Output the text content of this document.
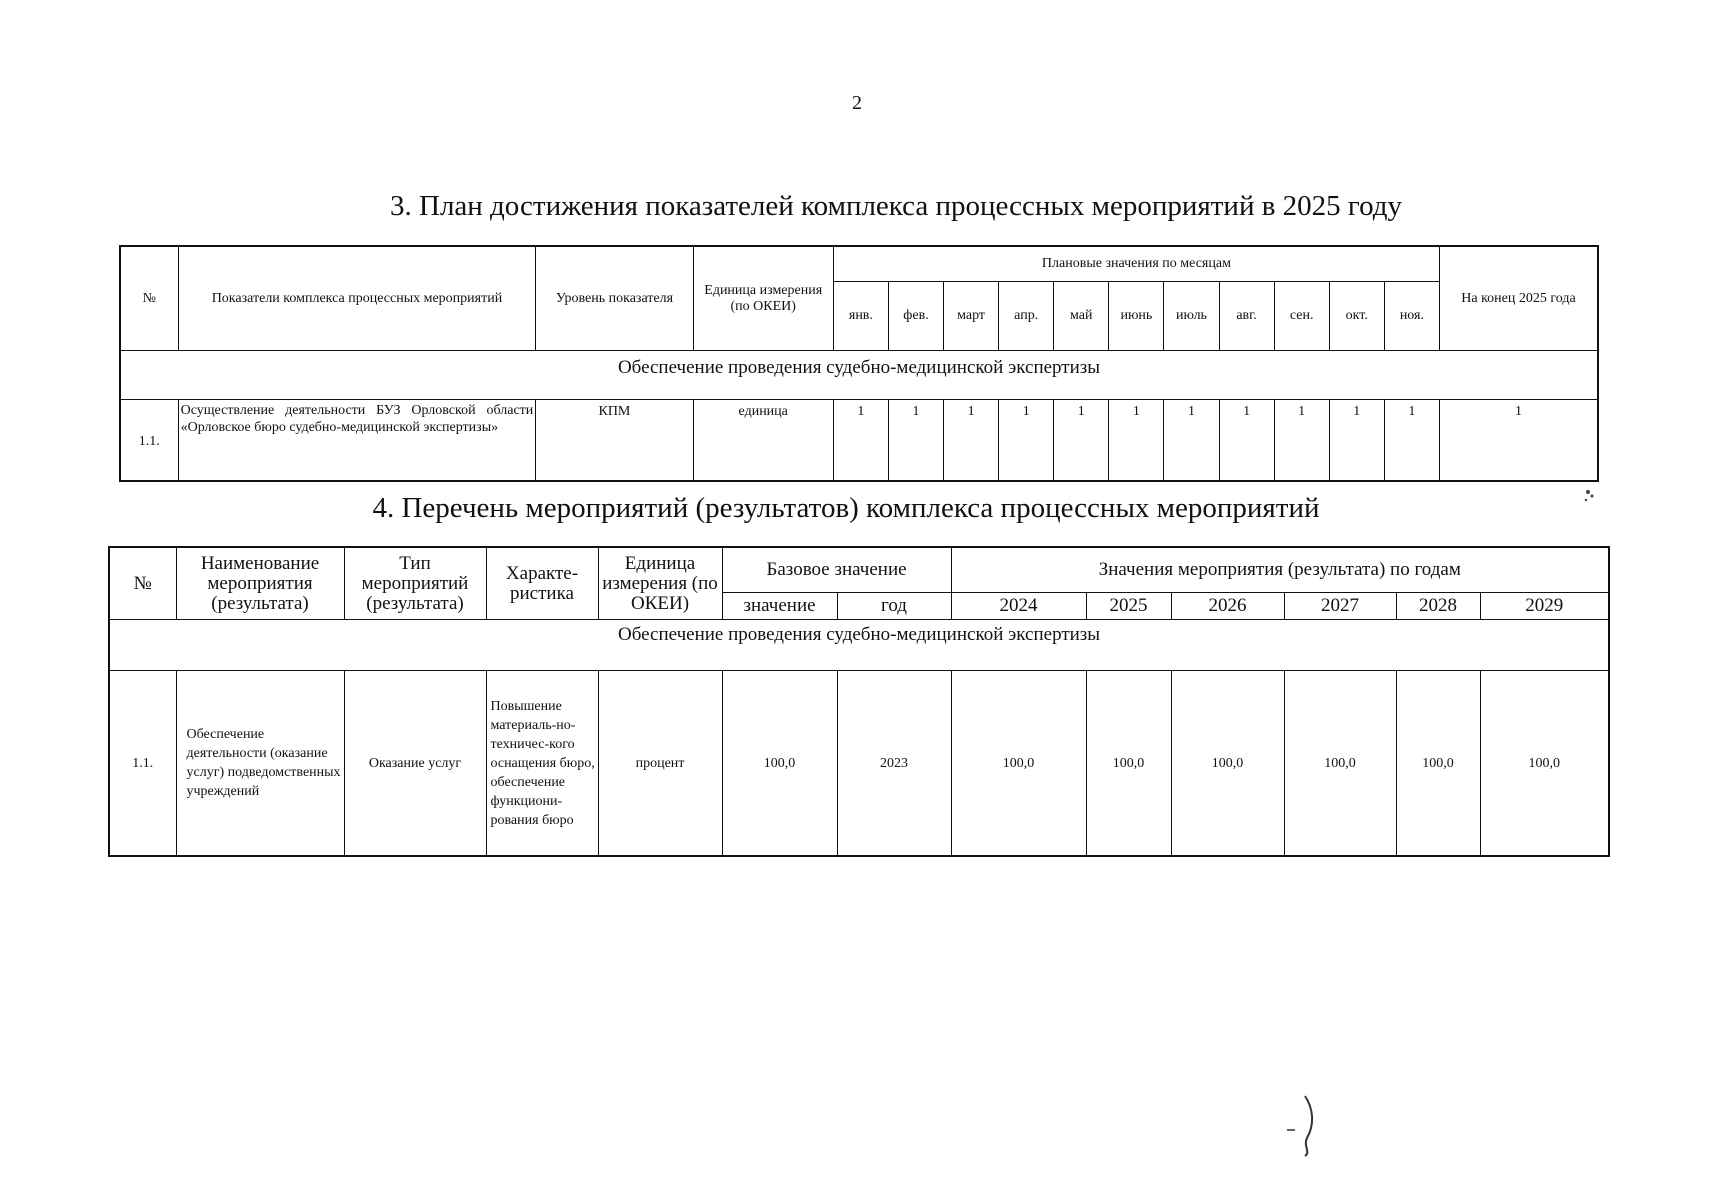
2
3. План достижения показателей комплекса процессных мероприятий в 2025 году
№	Показатели комплекса процессных мероприятий	Уровень показателя	Единица измерения (по ОКЕИ)	Плановые значения по месяцам											На конец 2025 года
				янв.	фев.	март	апр.	май	июнь	июль	авг.	сен.	окт.	ноя.	
Обеспечение проведения судебно-медицинской экспертизы															
1.1.	Осуществление деятельности БУЗ Орловской области «Орловское бюро судебно-медицинской экспертизы»	КПМ	единица	1	1	1	1	1	1	1	1	1	1	1	1
4. Перечень мероприятий (результатов) комплекса процессных мероприятий
№	Наименование мероприятия (результата)	Тип мероприятий (результата)	Характе-ристика	Единица измерения (по ОКЕИ)	Базовое значение		Значения мероприятия (результата) по годам					
					значение	год	2024	2025	2026	2027	2028	2029
Обеспечение проведения судебно-медицинской экспертизы												
1.1.	Обеспечение деятельности (оказание услуг) подведомственных учреждений	Оказание услуг	Повышение материаль-но-техничес-кого оснащения бюро, обеспечение функциони-рования бюро	процент	100,0	2023	100,0	100,0	100,0	100,0	100,0	100,0
